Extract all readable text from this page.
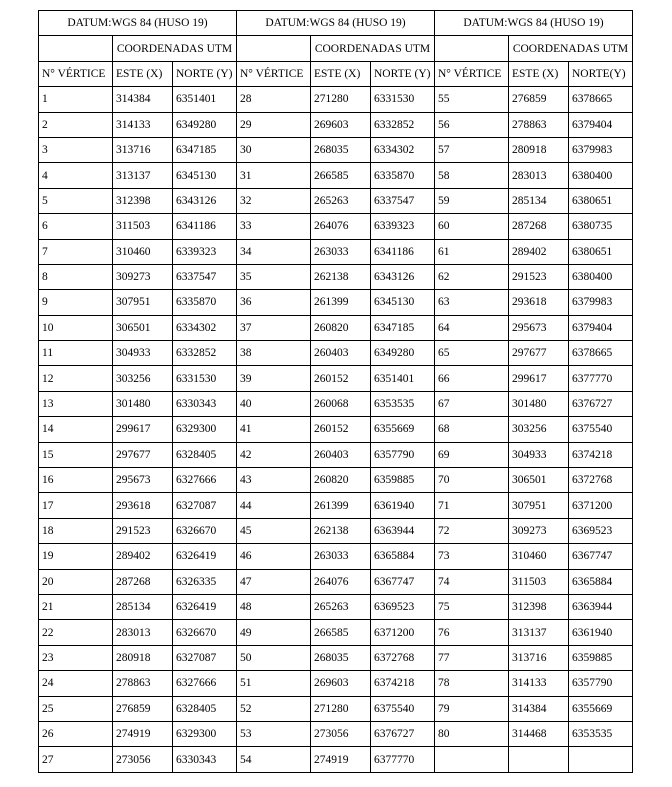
DATUM:WGS 84 (HUSO 19)			DATUM:WGS 84 (HUSO 19)			DATUM:WGS 84 (HUSO 19)		
	COORDENADAS UTM			COORDENADAS UTM			COORDENADAS UTM	
N° VÉRTICE	ESTE (X)	NORTE (Y)	N° VÉRTICE	ESTE (X)	NORTE (Y)	N° VÉRTICE	ESTE (X)	NORTE(Y)
1	314384	6351401	28	271280	6331530	55	276859	6378665
2	314133	6349280	29	269603	6332852	56	278863	6379404
3	313716	6347185	30	268035	6334302	57	280918	6379983
4	313137	6345130	31	266585	6335870	58	283013	6380400
5	312398	6343126	32	265263	6337547	59	285134	6380651
6	311503	6341186	33	264076	6339323	60	287268	6380735
7	310460	6339323	34	263033	6341186	61	289402	6380651
8	309273	6337547	35	262138	6343126	62	291523	6380400
9	307951	6335870	36	261399	6345130	63	293618	6379983
10	306501	6334302	37	260820	6347185	64	295673	6379404
11	304933	6332852	38	260403	6349280	65	297677	6378665
12	303256	6331530	39	260152	6351401	66	299617	6377770
13	301480	6330343	40	260068	6353535	67	301480	6376727
14	299617	6329300	41	260152	6355669	68	303256	6375540
15	297677	6328405	42	260403	6357790	69	304933	6374218
16	295673	6327666	43	260820	6359885	70	306501	6372768
17	293618	6327087	44	261399	6361940	71	307951	6371200
18	291523	6326670	45	262138	6363944	72	309273	6369523
19	289402	6326419	46	263033	6365884	73	310460	6367747
20	287268	6326335	47	264076	6367747	74	311503	6365884
21	285134	6326419	48	265263	6369523	75	312398	6363944
22	283013	6326670	49	266585	6371200	76	313137	6361940
23	280918	6327087	50	268035	6372768	77	313716	6359885
24	278863	6327666	51	269603	6374218	78	314133	6357790
25	276859	6328405	52	271280	6375540	79	314384	6355669
26	274919	6329300	53	273056	6376727	80	314468	6353535
27	273056	6330343	54	274919	6377770			
